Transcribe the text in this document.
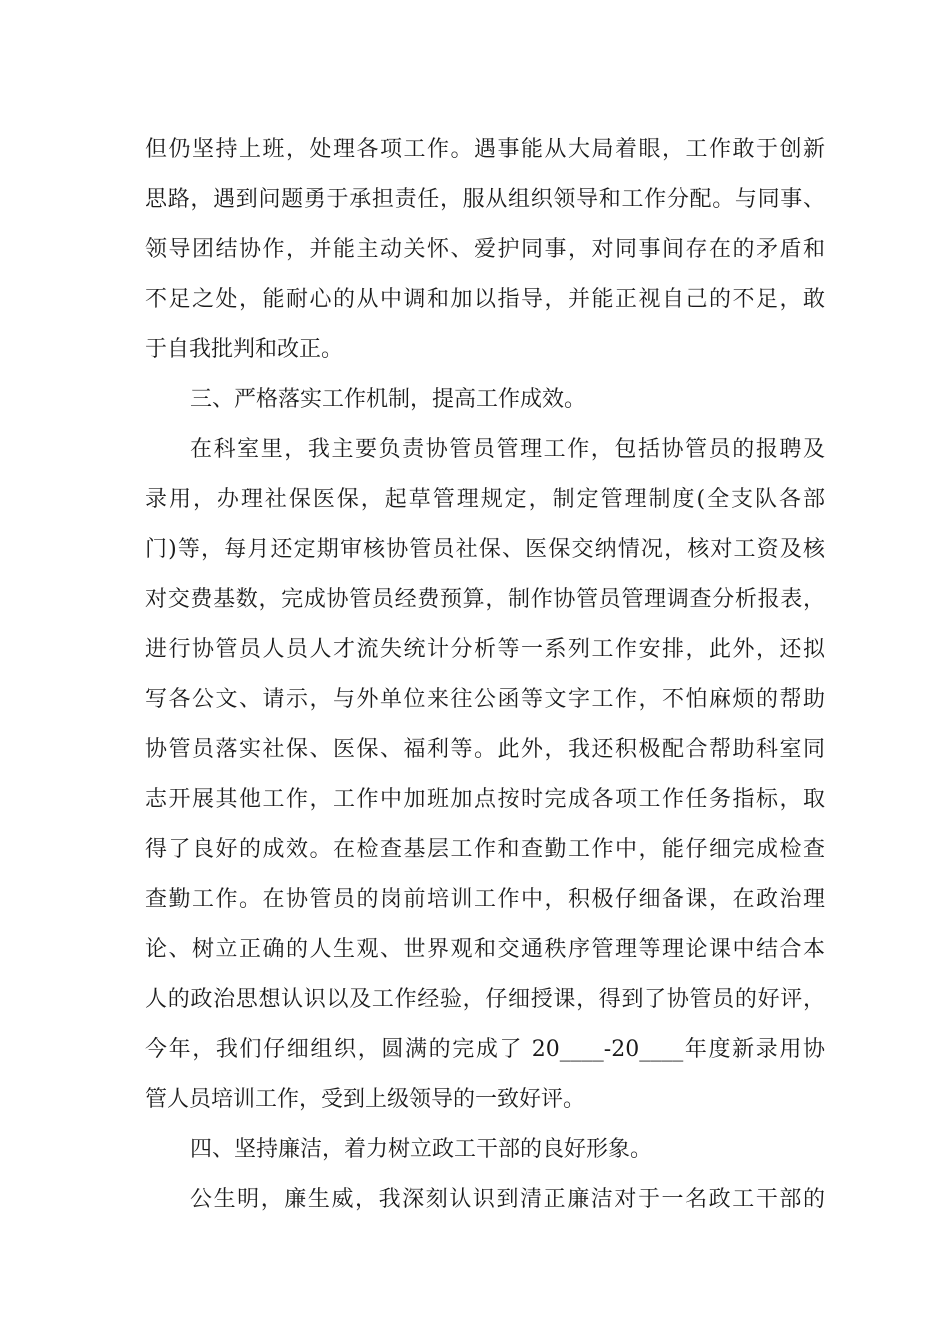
但仍坚持上班，处理各项工作。遇事能从大局着眼，工作敢于创新
思路，遇到问题勇于承担责任，服从组织领导和工作分配。与同事、
领导团结协作，并能主动关怀、爱护同事，对同事间存在的矛盾和
不足之处，能耐心的从中调和加以指导，并能正视自己的不足，敢
于自我批判和改正。
三、严格落实工作机制，提高工作成效。
在科室里，我主要负责协管员管理工作，包括协管员的报聘及
录用，办理社保医保，起草管理规定，制定管理制度(全支队各部
门)等，每月还定期审核协管员社保、医保交纳情况，核对工资及核
对交费基数，完成协管员经费预算，制作协管员管理调查分析报表，
进行协管员人员人才流失统计分析等一系列工作安排，此外，还拟
写各公文、请示，与外单位来往公函等文字工作，不怕麻烦的帮助
协管员落实社保、医保、福利等。此外，我还积极配合帮助科室同
志开展其他工作，工作中加班加点按时完成各项工作任务指标，取
得了良好的成效。在检查基层工作和查勤工作中，能仔细完成检查
查勤工作。在协管员的岗前培训工作中，积极仔细备课，在政治理
论、树立正确的人生观、世界观和交通秩序管理等理论课中结合本
人的政治思想认识以及工作经验，仔细授课，得到了协管员的好评，
今年，我们仔细组织，圆满的完成了 20____-20____年度新录用协
管人员培训工作，受到上级领导的一致好评。
四、坚持廉洁，着力树立政工干部的良好形象。
公生明，廉生威，我深刻认识到清正廉洁对于一名政工干部的
